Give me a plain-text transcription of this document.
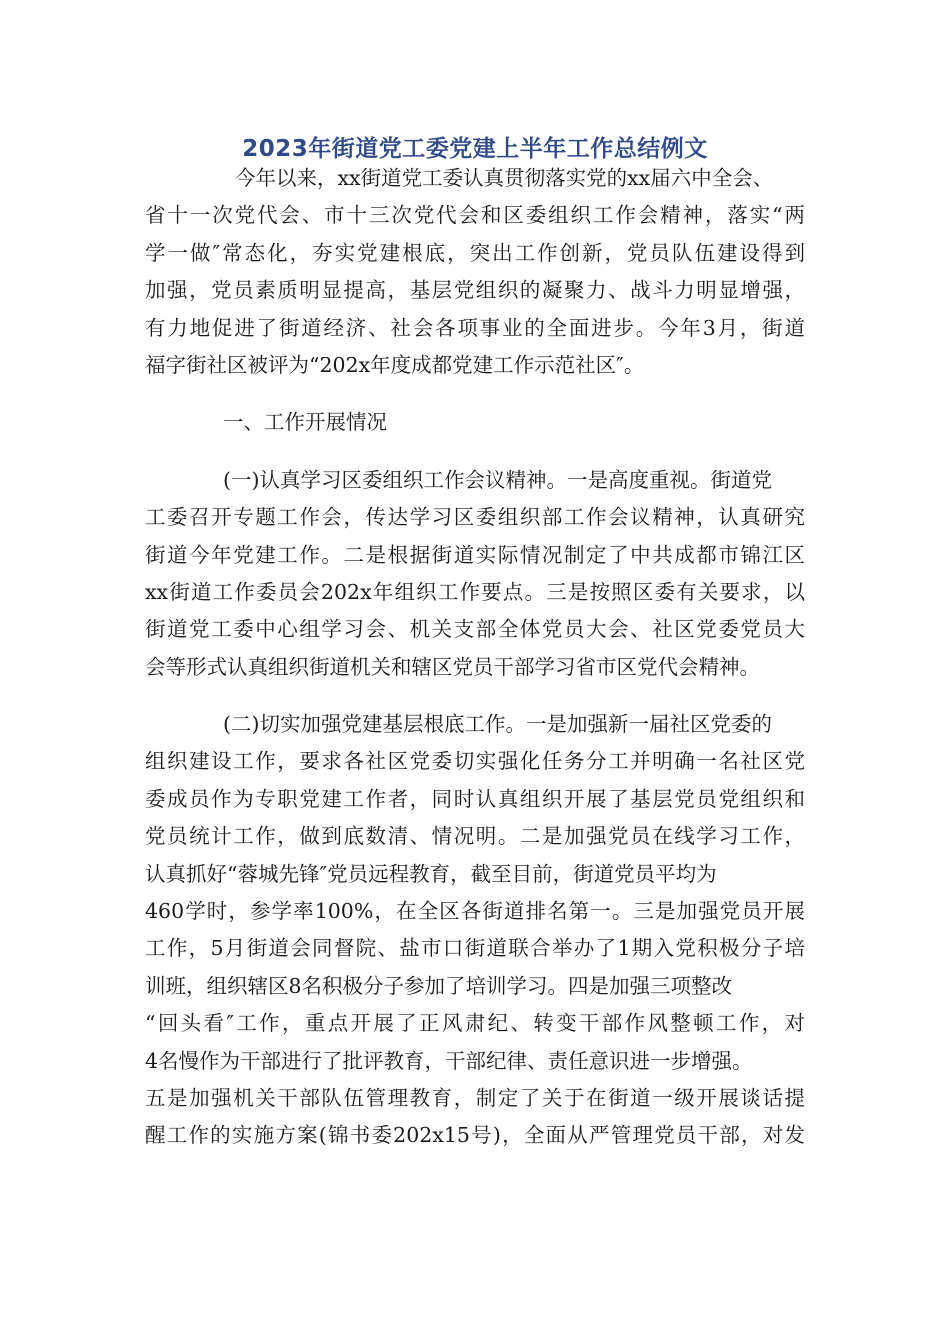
2023年街道党工委党建上半年工作总结例文
今年以来，xx街道党工委认真贯彻落实党的xx届六中全会、
省十一次党代会、市十三次党代会和区委组织工作会精神，落实“两
学一做″常态化，夯实党建根底，突出工作创新，党员队伍建设得到
加强，党员素质明显提高，基层党组织的凝聚力、战斗力明显增强，
有力地促进了街道经济、社会各项事业的全面进步。今年3月，街道
福字街社区被评为“202x年度成都党建工作示范社区″。
一、工作开展情况
(一)认真学习区委组织工作会议精神。一是高度重视。街道党
工委召开专题工作会，传达学习区委组织部工作会议精神，认真研究
街道今年党建工作。二是根据街道实际情况制定了中共成都市锦江区
xx街道工作委员会202x年组织工作要点。三是按照区委有关要求，以
街道党工委中心组学习会、机关支部全体党员大会、社区党委党员大
会等形式认真组织街道机关和辖区党员干部学习省市区党代会精神。
(二)切实加强党建基层根底工作。一是加强新一届社区党委的
组织建设工作，要求各社区党委切实强化任务分工并明确一名社区党
委成员作为专职党建工作者，同时认真组织开展了基层党员党组织和
党员统计工作，做到底数清、情况明。二是加强党员在线学习工作，
认真抓好“蓉城先锋″党员远程教育，截至目前，街道党员平均为
460学时，参学率100%，在全区各街道排名第一。三是加强党员开展
工作，5月街道会同督院、盐市口街道联合举办了1期入党积极分子培
训班，组织辖区8名积极分子参加了培训学习。四是加强三项整改
“回头看″工作，重点开展了正风肃纪、转变干部作风整顿工作，对
4名慢作为干部进行了批评教育，干部纪律、责任意识进一步增强。
五是加强机关干部队伍管理教育，制定了关于在街道一级开展谈话提
醒工作的实施方案(锦书委202x15号)，全面从严管理党员干部，对发
